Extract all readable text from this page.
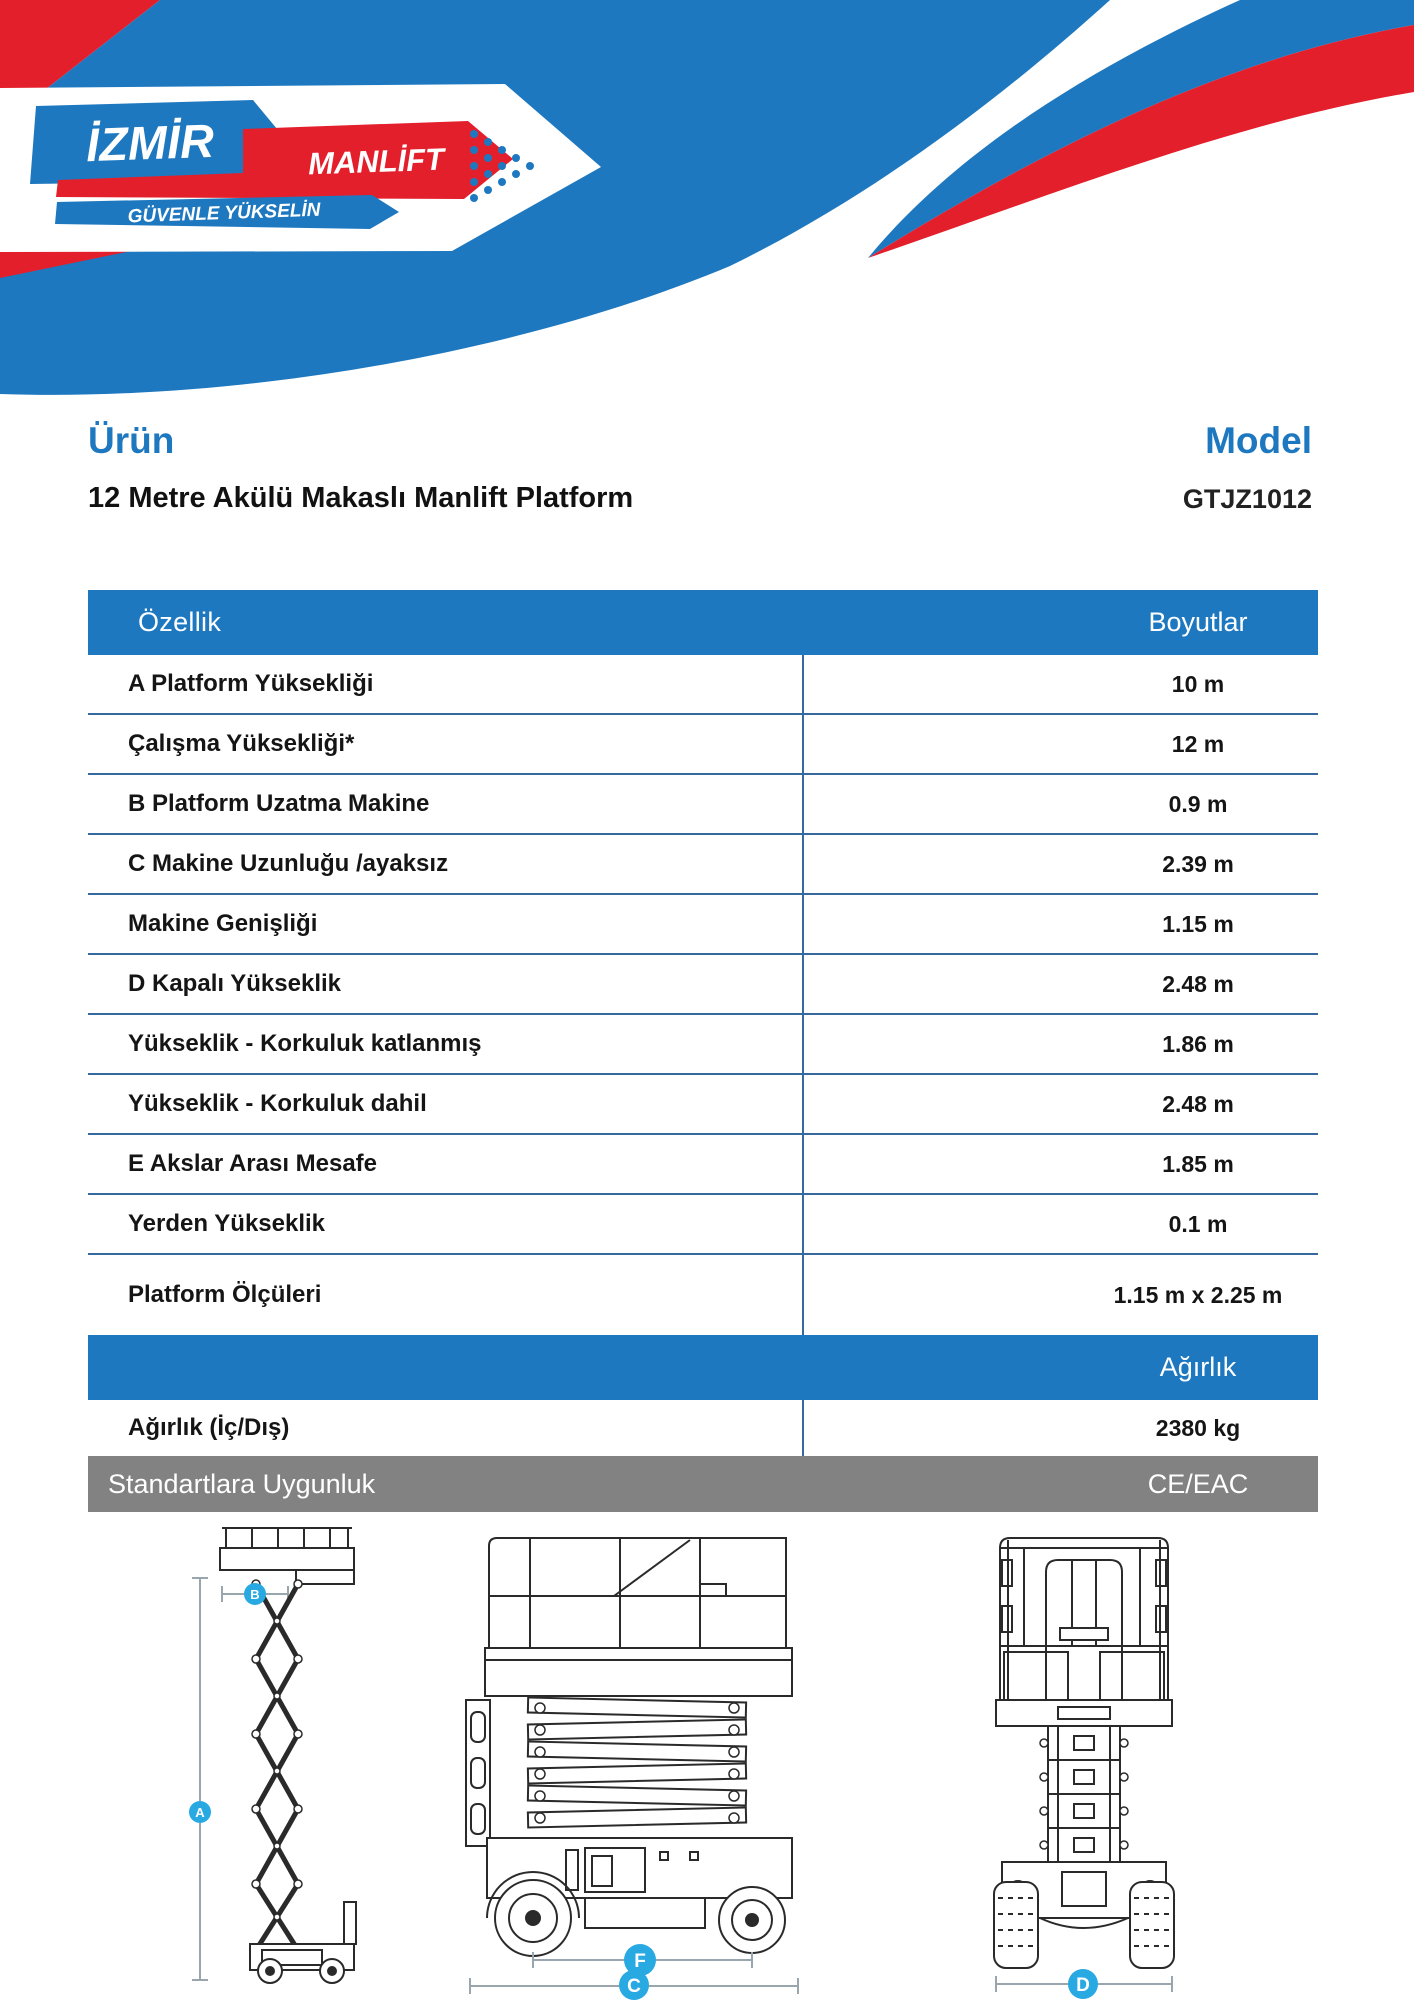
İZMİR	MANLİFT
GÜVENLE YÜKSELİN
Ürün
12 Metre Akülü Makaslı Manlift Platform
Model
GTJZ1012
Özellik	Boyutlar
A Platform Yüksekliği	10 m
Çalışma Yüksekliği*	12 m
B Platform Uzatma Makine	0.9 m
C Makine Uzunluğu /ayaksız	2.39 m
Makine Genişliği	1.15 m
D Kapalı Yükseklik	2.48 m
Yükseklik - Korkuluk katlanmış	1.86 m
Yükseklik - Korkuluk dahil	2.48 m
E Akslar Arası Mesafe	1.85 m
Yerden Yükseklik	0.1 m
Platform Ölçüleri	1.15 m x 2.25 m
Ağırlık
Ağırlık (İç/Dış)	2380 kg
Standartlara Uygunluk	CE/EAC
A
B
F
C	D
